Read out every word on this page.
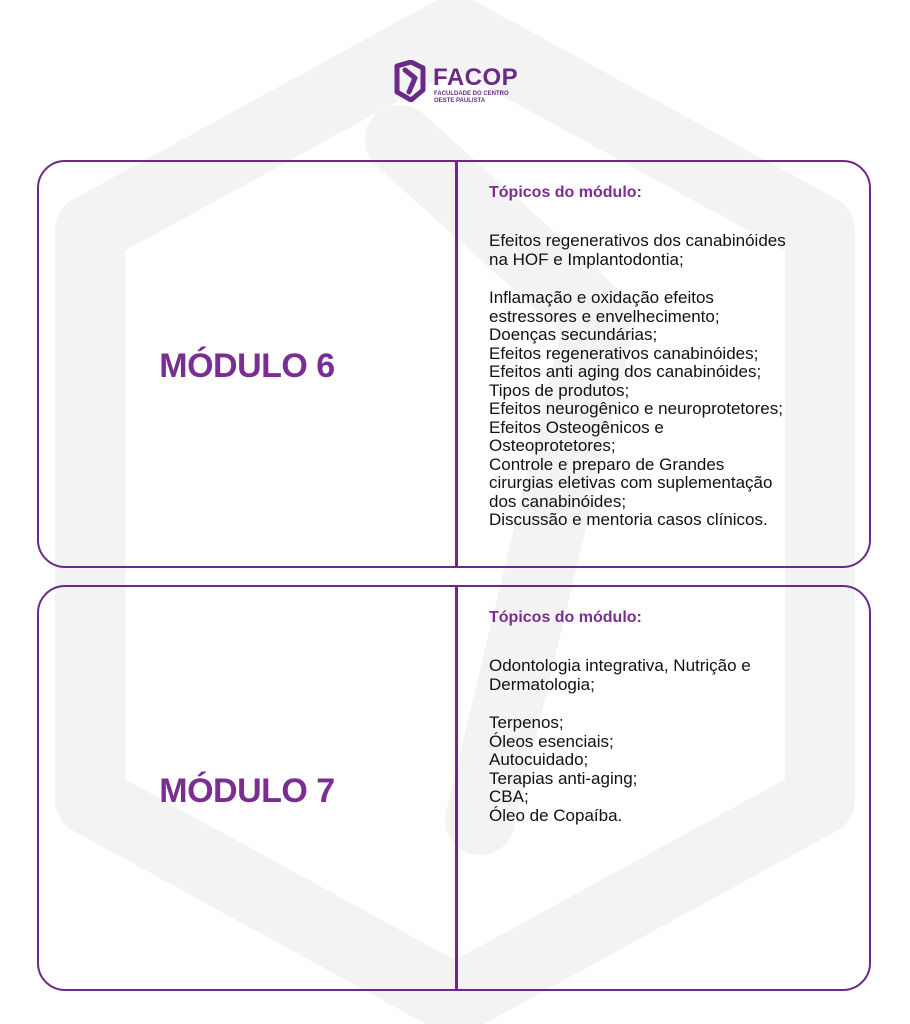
FACOP
FACULDADE DO CENTRO
OESTE PAULISTA
MÓDULO 6
Tópicos do módulo:
Efeitos regenerativos dos canabinóides
na HOF e Implantodontia;
Inflamação e oxidação efeitos
estressores e envelhecimento;
Doenças secundárias;
Efeitos regenerativos canabinóides;
Efeitos anti aging dos canabinóides;
Tipos de produtos;
Efeitos neurogênico e neuroprotetores;
Efeitos Osteogênicos e
Osteoprotetores;
Controle e preparo de Grandes
cirurgias eletivas com suplementação
dos canabinóides;
Discussão e mentoria casos clínicos.
MÓDULO 7
Tópicos do módulo:
Odontologia integrativa, Nutrição e
Dermatologia;
Terpenos;
Óleos esenciais;
Autocuidado;
Terapias anti-aging;
CBA;
Óleo de Copaíba.
